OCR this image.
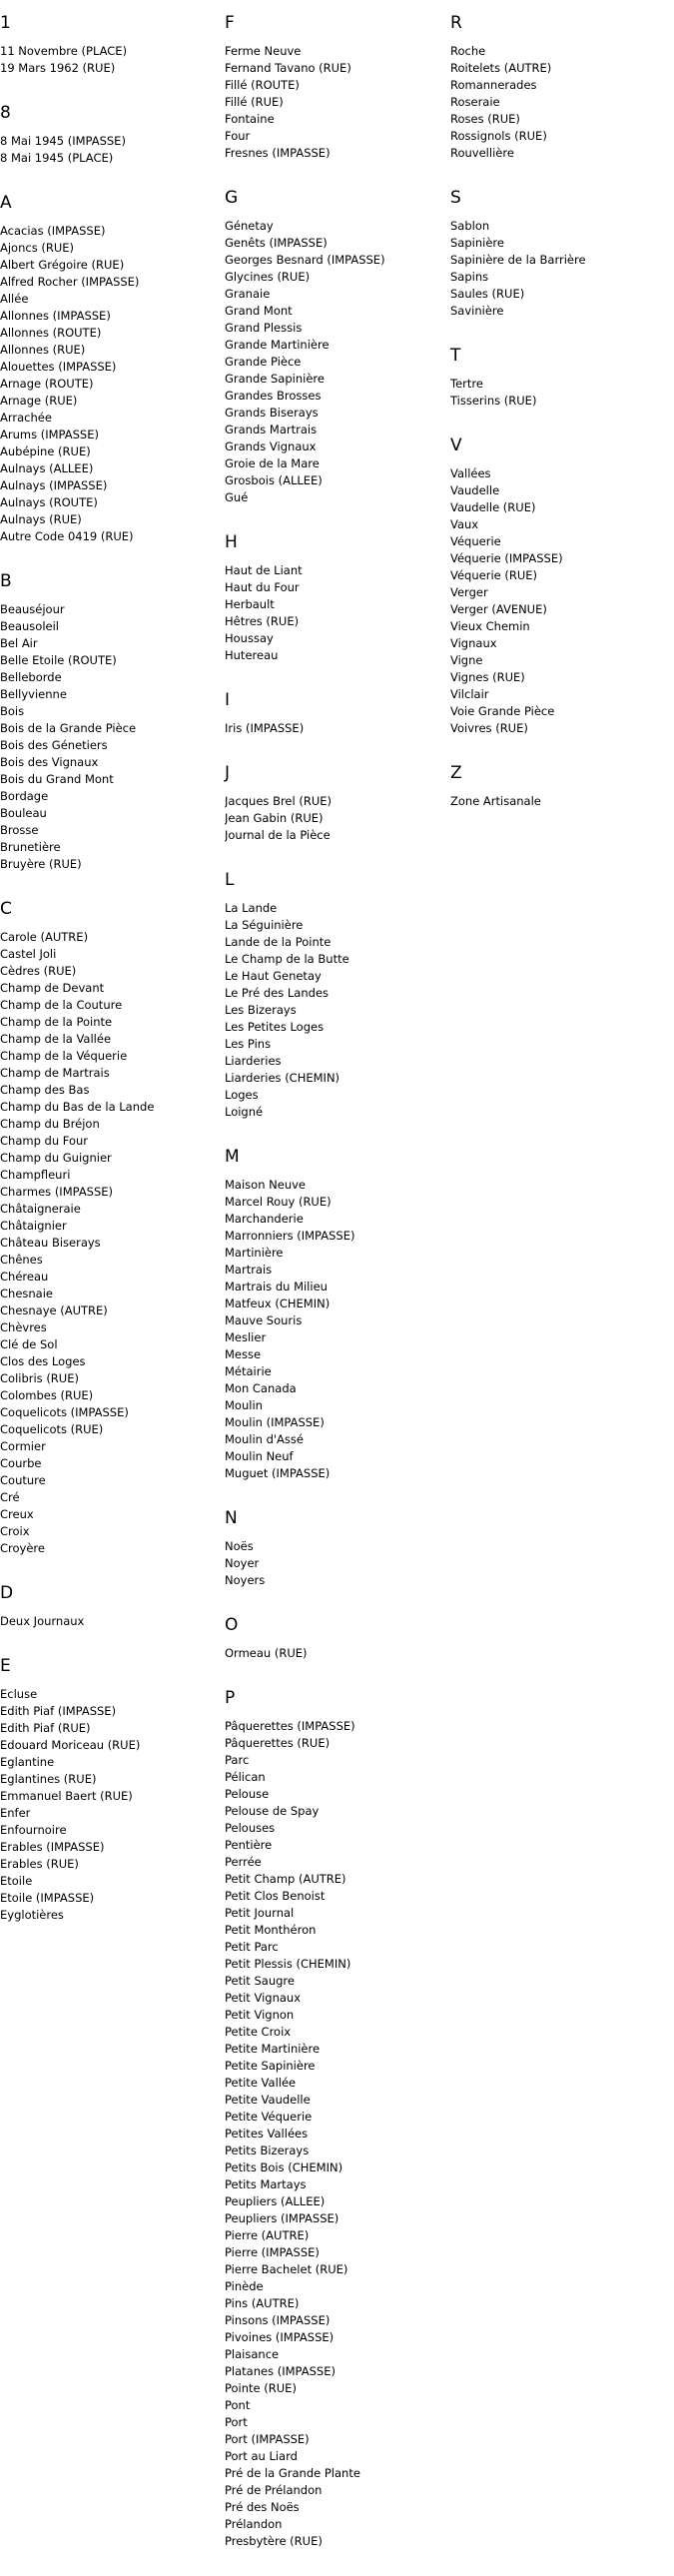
1
11 Novembre (PLACE)
19 Mars 1962 (RUE)
8
8 Mai 1945 (IMPASSE)
8 Mai 1945 (PLACE)
A
Acacias (IMPASSE)
Ajoncs (RUE)
Albert Grégoire (RUE)
Alfred Rocher (IMPASSE)
Allée
Allonnes (IMPASSE)
Allonnes (ROUTE)
Allonnes (RUE)
Alouettes (IMPASSE)
Arnage (ROUTE)
Arnage (RUE)
Arrachée
Arums (IMPASSE)
Aubépine (RUE)
Aulnays (ALLEE)
Aulnays (IMPASSE)
Aulnays (ROUTE)
Aulnays (RUE)
Autre Code 0419 (RUE)
B
Beauséjour
Beausoleil
Bel Air
Belle Etoile (ROUTE)
Belleborde
Bellyvienne
Bois
Bois de la Grande Pièce
Bois des Génetiers
Bois des Vignaux
Bois du Grand Mont
Bordage
Bouleau
Brosse
Brunetière
Bruyère (RUE)
C
Carole (AUTRE)
Castel Joli
Cèdres (RUE)
Champ de Devant
Champ de la Couture
Champ de la Pointe
Champ de la Vallée
Champ de la Véquerie
Champ de Martrais
Champ des Bas
Champ du Bas de la Lande
Champ du Bréjon
Champ du Four
Champ du Guignier
Champfleuri
Charmes (IMPASSE)
Châtaigneraie
Châtaignier
Château Biserays
Chênes
Chéreau
Chesnaie
Chesnaye (AUTRE)
Chèvres
Clé de Sol
Clos des Loges
Colibris (RUE)
Colombes (RUE)
Coquelicots (IMPASSE)
Coquelicots (RUE)
Cormier
Courbe
Couture
Cré
Creux
Croix
Croyère
D
Deux Journaux
E
Ecluse
Edith Piaf (IMPASSE)
Edith Piaf (RUE)
Edouard Moriceau (RUE)
Eglantine
Eglantines (RUE)
Emmanuel Baert (RUE)
Enfer
Enfournoire
Erables (IMPASSE)
Erables (RUE)
Etoile
Etoile (IMPASSE)
Eyglotières
F
Ferme Neuve
Fernand Tavano (RUE)
Fillé (ROUTE)
Fillé (RUE)
Fontaine
Four
Fresnes (IMPASSE)
G
Génetay
Genêts (IMPASSE)
Georges Besnard (IMPASSE)
Glycines (RUE)
Granaie
Grand Mont
Grand Plessis
Grande Martinière
Grande Pièce
Grande Sapinière
Grandes Brosses
Grands Biserays
Grands Martrais
Grands Vignaux
Groie de la Mare
Grosbois (ALLEE)
Gué
H
Haut de Liant
Haut du Four
Herbault
Hêtres (RUE)
Houssay
Hutereau
I
Iris (IMPASSE)
J
Jacques Brel (RUE)
Jean Gabin (RUE)
Journal de la Pièce
L
La Lande
La Séguinière
Lande de la Pointe
Le Champ de la Butte
Le Haut Genetay
Le Pré des Landes
Les Bizerays
Les Petites Loges
Les Pins
Liarderies
Liarderies (CHEMIN)
Loges
Loigné
M
Maison Neuve
Marcel Rouy (RUE)
Marchanderie
Marronniers (IMPASSE)
Martinière
Martrais
Martrais du Milieu
Matfeux (CHEMIN)
Mauve Souris
Meslier
Messe
Métairie
Mon Canada
Moulin
Moulin (IMPASSE)
Moulin d'Assé
Moulin Neuf
Muguet (IMPASSE)
N
Noës
Noyer
Noyers
O
Ormeau (RUE)
P
Pâquerettes (IMPASSE)
Pâquerettes (RUE)
Parc
Pélican
Pelouse
Pelouse de Spay
Pelouses
Pentière
Perrée
Petit Champ (AUTRE)
Petit Clos Benoist
Petit Journal
Petit Monthéron
Petit Parc
Petit Plessis (CHEMIN)
Petit Saugre
Petit Vignaux
Petit Vignon
Petite Croix
Petite Martinière
Petite Sapinière
Petite Vallée
Petite Vaudelle
Petite Véquerie
Petites Vallées
Petits Bizerays
Petits Bois (CHEMIN)
Petits Martays
Peupliers (ALLEE)
Peupliers (IMPASSE)
Pierre (AUTRE)
Pierre (IMPASSE)
Pierre Bachelet (RUE)
Pinède
Pins (AUTRE)
Pinsons (IMPASSE)
Pivoines (IMPASSE)
Plaisance
Platanes (IMPASSE)
Pointe (RUE)
Pont
Port
Port (IMPASSE)
Port au Liard
Pré de la Grande Plante
Pré de Prélandon
Pré des Noës
Prélandon
Presbytère (RUE)
R
Roche
Roitelets (AUTRE)
Romannerades
Roseraie
Roses (RUE)
Rossignols (RUE)
Rouvellière
S
Sablon
Sapinière
Sapinière de la Barrière
Sapins
Saules (RUE)
Savinière
T
Tertre
Tisserins (RUE)
V
Vallées
Vaudelle
Vaudelle (RUE)
Vaux
Véquerie
Véquerie (IMPASSE)
Véquerie (RUE)
Verger
Verger (AVENUE)
Vieux Chemin
Vignaux
Vigne
Vignes (RUE)
Vilclair
Voie Grande Pièce
Voivres (RUE)
Z
Zone Artisanale
